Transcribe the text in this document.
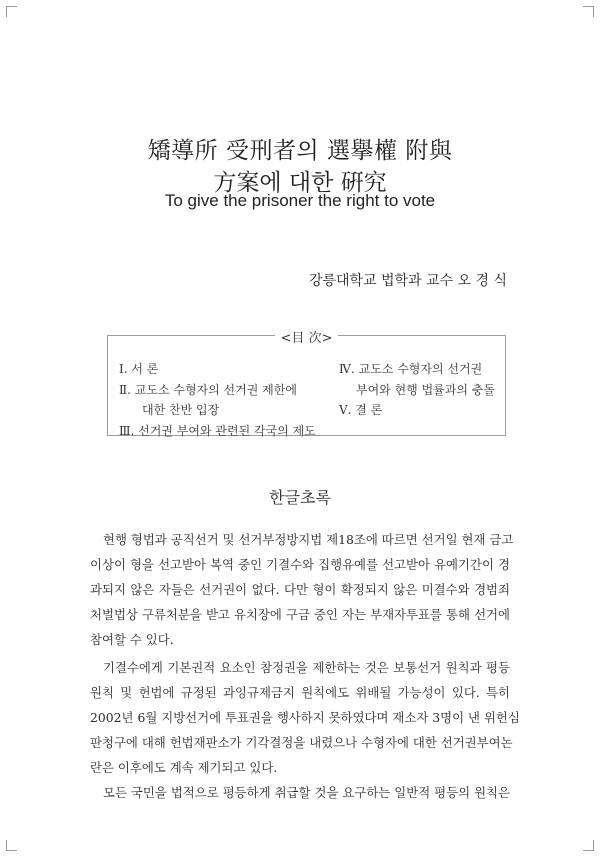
矯導所 受刑者의 選擧權 附與
方案에 대한 硏究
To give the prisoner the right to vote
강릉대학교 법학과 교수 오 경 식
<目 次>
Ⅰ. 서 론
Ⅱ. 교도소 수형자의 선거권 제한에
대한 찬반 입장
Ⅲ. 선거권 부여와 관련된 각국의 제도
Ⅳ. 교도소 수형자의 선거권
부여와 현행 법률과의 충돌
Ⅴ. 결 론
한글초록
현행 형법과 공직선거 및 선거부정방지법 제18조에 따르면 선거일 현재 금고
이상이 형을 선고받아 복역 중인 기결수와 집행유예를 선고받아 유예기간이 경
과되지 않은 자들은 선거권이 없다. 다만 형이 확정되지 않은 미결수와 경범죄
처벌법상 구류처분을 받고 유치장에 구금 중인 자는 부재자투표를 통해 선거에
참여할 수 있다.
기결수에게 기본권적 요소인 참정권을 제한하는 것은 보통선거 원칙과 평등
원칙 및 헌법에 규정된 과잉규제금지 원칙에도 위배될 가능성이 있다. 특히
2002년 6월 지방선거에 투표권을 행사하지 못하였다며 재소자 3명이 낸 위헌심
판청구에 대해 헌법재판소가 기각결정을 내렸으나 수형자에 대한 선거권부여논
란은 이후에도 계속 제기되고 있다.
모든 국민을 법적으로 평등하게 취급할 것을 요구하는 일반적 평등의 원칙은
